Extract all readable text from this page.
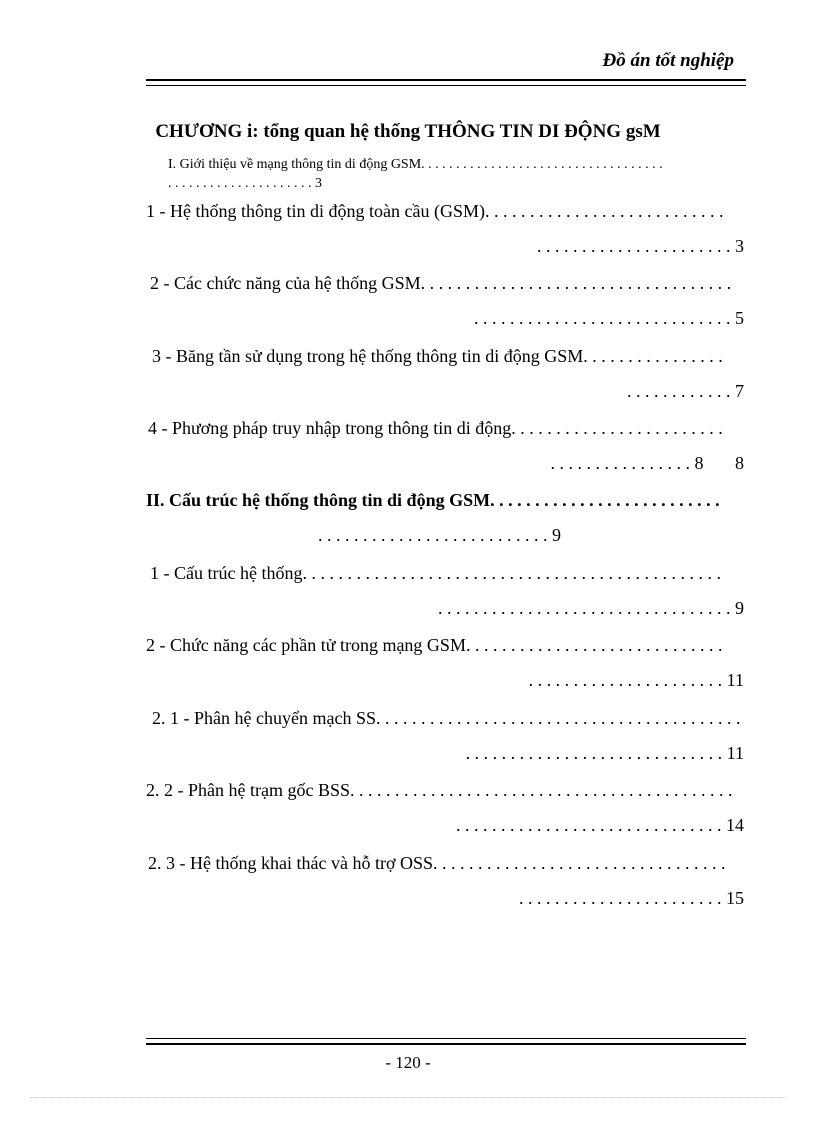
Đồ án tốt nghiệp
CHƯƠNG i: tổng quan hệ thống THÔNG TIN DI ĐỘNG gsM
I. Giới thiệu về mạng thông tin di động GSM. . . . . . . . . . . . . . . . . . . . . . . . . . . . . . . . . . .
. . . . . . . . . . . . . . . . . . . . . 3
1 - Hệ thống thông tin di động toàn cầu (GSM). . . . . . . . . . . . . . . . . . . . . . . . . . .
. . . . . . . . . . . . . . . . . . . . . . 3
2 - Các chức năng của hệ thống GSM. . . . . . . . . . . . . . . . . . . . . . . . . . . . . . . . . . .
. . . . . . . . . . . . . . . . . . . . . . . . . . . . . 5
3 - Băng tần sử dụng trong hệ thống thông tin di động GSM. . . . . . . . . . . . . . . .
. . . . . . . . . . . . 7
4 - Phương pháp truy nhập trong thông tin di động. . . . . . . . . . . . . . . . . . . . . . . .
. . . . . . . . . . . . . . . . 8       8
II. Cấu trúc hệ thống thông tin di động GSM. . . . . . . . . . . . . . . . . . . . . . . . . .
. . . . . . . . . . . . . . . . . . . . . . . . . . 9
1 - Cấu trúc hệ thống. . . . . . . . . . . . . . . . . . . . . . . . . . . . . . . . . . . . . . . . . . . . . . .
. . . . . . . . . . . . . . . . . . . . . . . . . . . . . . . . . 9
2 - Chức năng các phần tử trong mạng GSM. . . . . . . . . . . . . . . . . . . . . . . . . . . . .
. . . . . . . . . . . . . . . . . . . . . . 11
2. 1 - Phân hệ chuyển mạch SS. . . . . . . . . . . . . . . . . . . . . . . . . . . . . . . . . . . . . . . . .
. . . . . . . . . . . . . . . . . . . . . . . . . . . . . 11
2. 2 - Phân hệ trạm gốc BSS. . . . . . . . . . . . . . . . . . . . . . . . . . . . . . . . . . . . . . . . . . .
. . . . . . . . . . . . . . . . . . . . . . . . . . . . . . 14
2. 3 - Hệ thống khai thác và hỗ trợ OSS. . . . . . . . . . . . . . . . . . . . . . . . . . . . . . . . .
. . . . . . . . . . . . . . . . . . . . . . . 15
- 120 -
